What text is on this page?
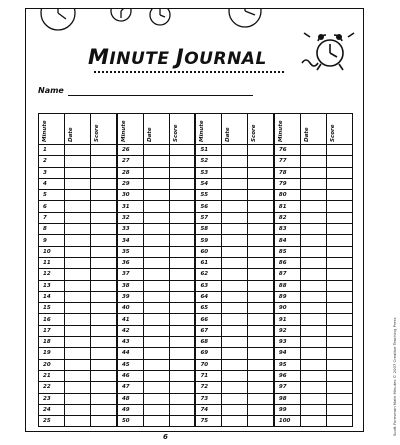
MINUTE JOURNAL
Name
Minute	Date	Score	Minute	Date	Score	Minute	Date	Score	Minute	Date	Score
1			26			51			76		
2			27			52			77		
3			28			53			78		
4			29			54			79		
5			30			55			80		
6			31			56			81		
7			32			57			82		
8			33			58			83		
9			34			59			84		
10			35			60			85		
11			36			61			86		
12			37			62			87		
13			38			63			88		
14			39			64			89		
15			40			65			90		
16			41			66			91		
17			42			67			92		
18			43			68			93		
19			44			69			94		
20			45			70			95		
21			46			71			96		
22			47			72			97		
23			48			73			98		
24			49			74			99		
25			50			75			100			Scott Foresman Math Minutes © 2007 Creative Teaching Press
6
